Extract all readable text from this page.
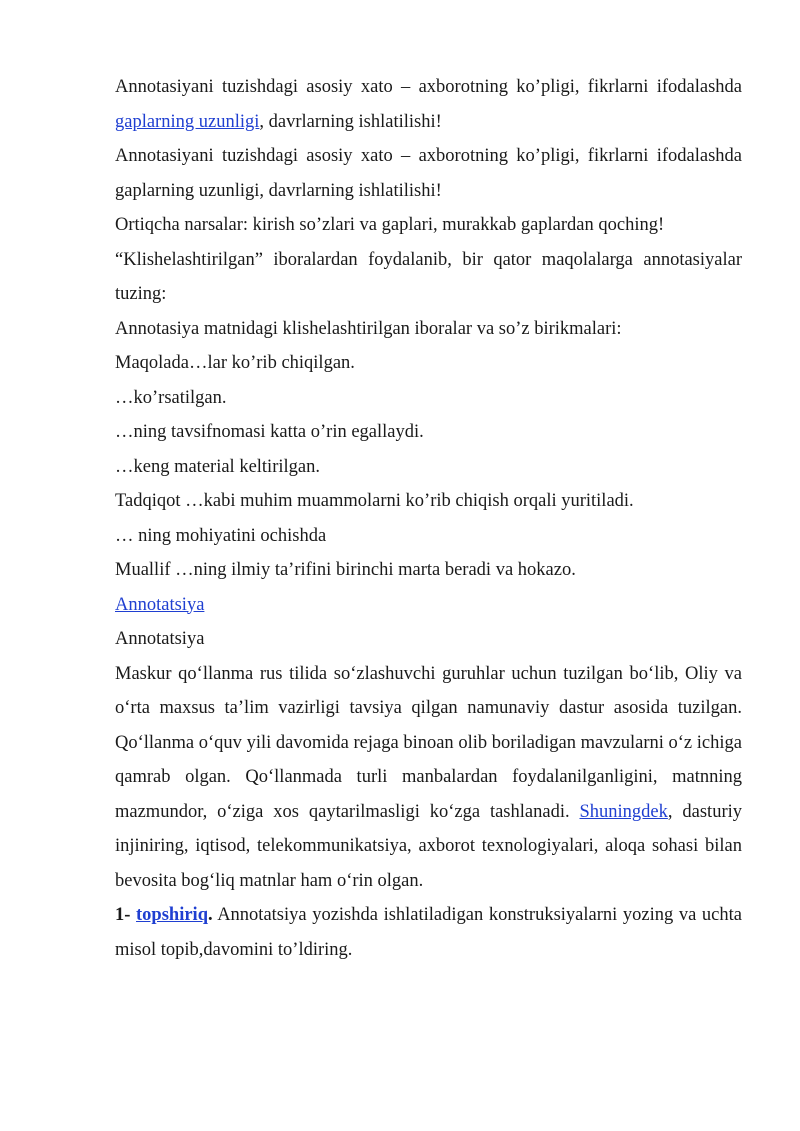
Annotasiyani tuzishdagi asosiy xato – axborotning ko’pligi, fikrlarni ifodalashda gaplarning uzunligi, davrlarning ishlatilishi!

Annotasiyani tuzishdagi asosiy xato – axborotning ko’pligi, fikrlarni ifodalashda gaplarning uzunligi, davrlarning ishlatilishi!

Ortiqcha narsalar: kirish so’zlari va gaplari, murakkab gaplardan qoching!

“Klishelashtirilgan” iboralardan foydalanib, bir qator maqolalarga annotasiyalar tuzing:

Annotasiya matnidagi klishelashtirilgan iboralar va so’z birikmalari:

Maqolada…lar ko’rib chiqilgan.

…ko’rsatilgan.

…ning tavsifnomasi katta o’rin egallaydi.

…keng material keltirilgan.

Tadqiqot …kabi muhim muammolarni ko’rib chiqish orqali yuritiladi.

… ning mohiyatini ochishda

Muallif …ning ilmiy ta’rifini birinchi marta beradi va hokazo.

Annotatsiya

Annotatsiya

Maskur qo‘llanma rus tilida so‘zlashuvchi guruhlar uchun tuzilgan bo‘lib, Oliy va o‘rta maxsus ta’lim vazirligi tavsiya qilgan namunaviy dastur asosida tuzilgan. Qo‘llanma o‘quv yili davomida rejaga binoan olib boriladigan mavzularni o‘z ichiga qamrab olgan. Qo‘llanmada turli manbalardan foydalanilganligini, matnning mazmundor, o‘ziga xos qaytarilmasligi ko‘zga tashlanadi. Shuningdek, dasturiy injiniring, iqtisod, telekommunikatsiya, axborot texnologiyalari, aloqa sohasi bilan bevosita bog‘liq matnlar ham o‘rin olgan.

1- topshiriq. Annotatsiya yozishda ishlatiladigan konstruksiyalarni yozing va uchta misol topib,davomini to’ldiring.
